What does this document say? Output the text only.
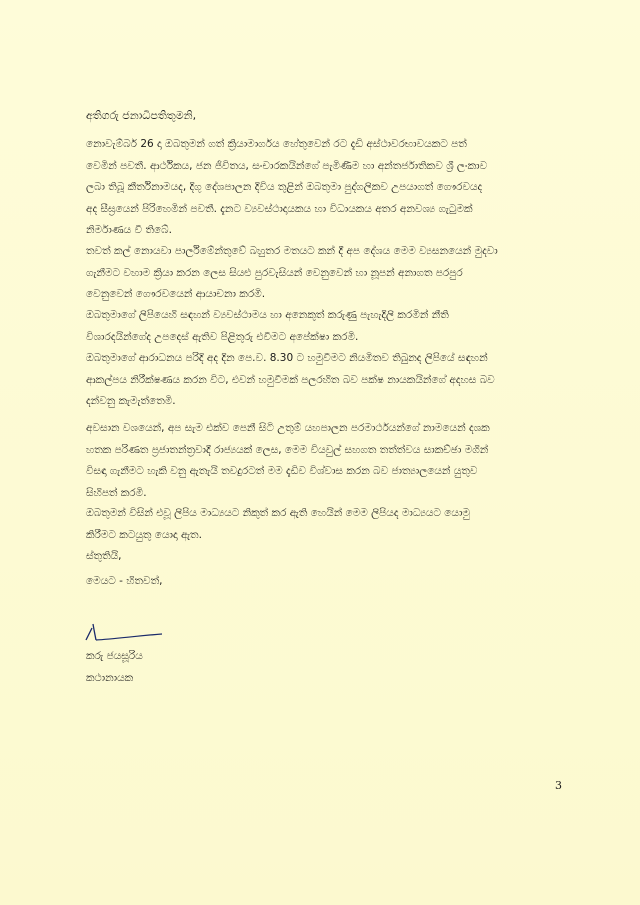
අතිගරු ජනාධිපතිතුමනි,

නොවැම්බර් 26 දා ඔබතුමන් ගත් ක්‍රියාමාර්ගය හේතුවෙන් රට දැඩි අස්ථාවරභාවයකට පත්
වෙමින් පවතී. ආර්ථිකය, ජන ජිවිතය, සංචාරකයින්ගේ පැමිණීම හා අන්තර්ජාතිකව ශ්‍රී ලංකාව
ලබා තිබූ කීර්තිනාමයද, දිගු දේශපාලන දිවිය තුළින් ඔබතුමා පුද්ගලිකව උපයාගත් ගෞරවයද
අද සීඝ්‍රයෙන් පිරිහෙමින් පවතී. දැනට ව්‍යවස්ථාදායකය හා විධායකය අතර අනවශ්‍ය ගැටුමක්
නිර්මාණය වී තිබේ.

තවත් කල් නොයවා පාර්ලිමේන්තුවේ බහුතර මතයට කන් දී අප දේශය මෙම ව්‍යසනයෙන් මුදවා
ගැනීමට වහාම ක්‍රියා කරන ලෙස සියළු පුරවැසියන් වෙනුවෙන් හා නූපන් අනාගත පරපුර
වෙනුවෙන් ගෞරවයෙන් ආයාචනා කරමි.

ඔබතුමාගේ ලිපියෙහි සඳහන් ව්‍යවස්ථාමය හා අනෙකුත් කරුණු පැහැදිලි කරමින් නීති
විශාරදයින්ගේද උපදෙස් ඇතිව පිළිතුරු එවීමට අපේක්ෂා කරමි.

ඔබතුමාගේ ආරාධනය පරිදි අද දින පෙ.ව. 8.30 ට හමුවීමට නියමිතව තිබුනද ලිපියේ සඳහන්
ආකල්පය නිරීක්ෂණය කරන විට, එවන් හමුවීමක් පලරහිත බව පක්ෂ නායකයින්ගේ අදහස බව
දන්වනු කැමැත්තෙමි.

අවසාන වශයෙන්, අප සැම එක්ව පෙනී සිටි උතුම් යහපාලන පරමාර්ථයන්ගේ නාමයෙන් දශක
හතක පරිණත ප්‍රජාතන්ත්‍රවාදී රාජ්‍යයක් ලෙස, මෙම වියවුල් සහගත තත්ත්වය සාකච්ඡා මගින්
විසඳා ගැනීමට හැකි වනු ඇතැයි තවදුරටත් මම දැඩිව විශ්වාස කරන බව ජාත්‍යාලයෙන් යුතුව
සිහිපත් කරමි.

ඔබතුමන් විසින් එවූ ලිපිය මාධ්‍යයට නිකුත් කර ඇති හෙයින් මෙම ලිපියද මාධ්‍යයට යොමු
කිරීමට කටයුතු යොදා ඇත.

ස්තුතියි,
මෙයට - හිතවත්,
කරු ජයසූරිය
කථානායක
3
